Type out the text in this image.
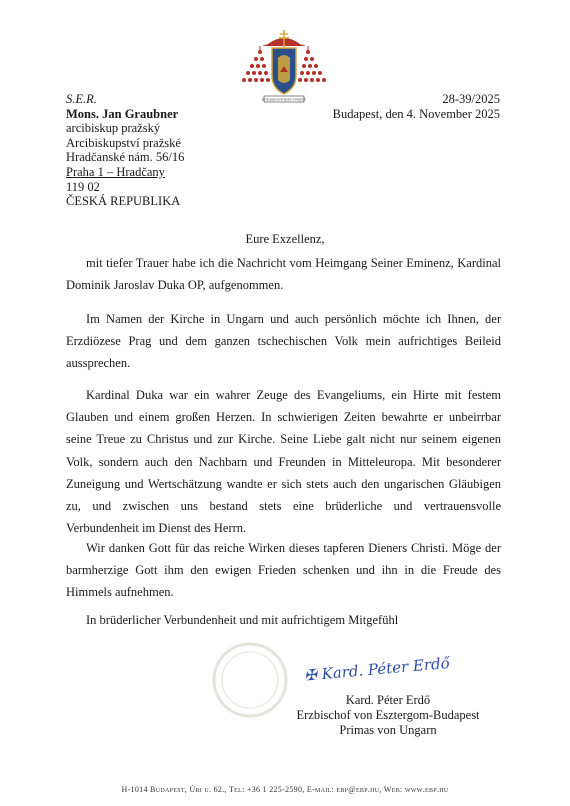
EGYÉ LESZ A NYÁJ ÉS EGY A PÁSZTOR
S.E.R.
Mons. Jan Graubner
arcibiskup pražský
Arcibiskupství pražské
Hradčanské nám. 56/16
Praha 1 – Hradčany
119 02
ČESKÁ REPUBLIKA
28-39/2025
Budapest, den 4. November 2025
Eure Exzellenz,

mit tiefer Trauer habe ich die Nachricht vom Heimgang Seiner Eminenz, Kardinal Dominik Jaroslav Duka OP, aufgenommen.

Im Namen der Kirche in Ungarn und auch persönlich möchte ich Ihnen, der Erzdiözese Prag und dem ganzen tschechischen Volk mein aufrichtiges Beileid aussprechen.

Kardinal Duka war ein wahrer Zeuge des Evangeliums, ein Hirte mit festem Glauben und einem großen Herzen. In schwierigen Zeiten bewahrte er unbeirrbar seine Treue zu Christus und zur Kirche. Seine Liebe galt nicht nur seinem eigenen Volk, sondern auch den Nachbarn und Freunden in Mitteleuropa. Mit besonderer Zuneigung und Wertschätzung wandte er sich stets auch den ungarischen Gläubigen zu, und zwischen uns bestand stets eine brüderliche und vertrauensvolle Verbundenheit im Dienst des Herrn.

Wir danken Gott für das reiche Wirken dieses tapferen Dieners Christi. Möge der barmherzige Gott ihm den ewigen Frieden schenken und ihn in die Freude des Himmels aufnehmen.

In brüderlicher Verbundenheit und mit aufrichtigem Mitgefühl
✠ Kard. Péter Erdő
Kard. Péter Erdő
Erzbischof von Esztergom-Budapest
Primas von Ungarn
H-1014 Budapest, Úri u. 62., Tel: +36 1 225-2590, E-mail: ebp@ebp.hu, Web: www.ebp.hu
